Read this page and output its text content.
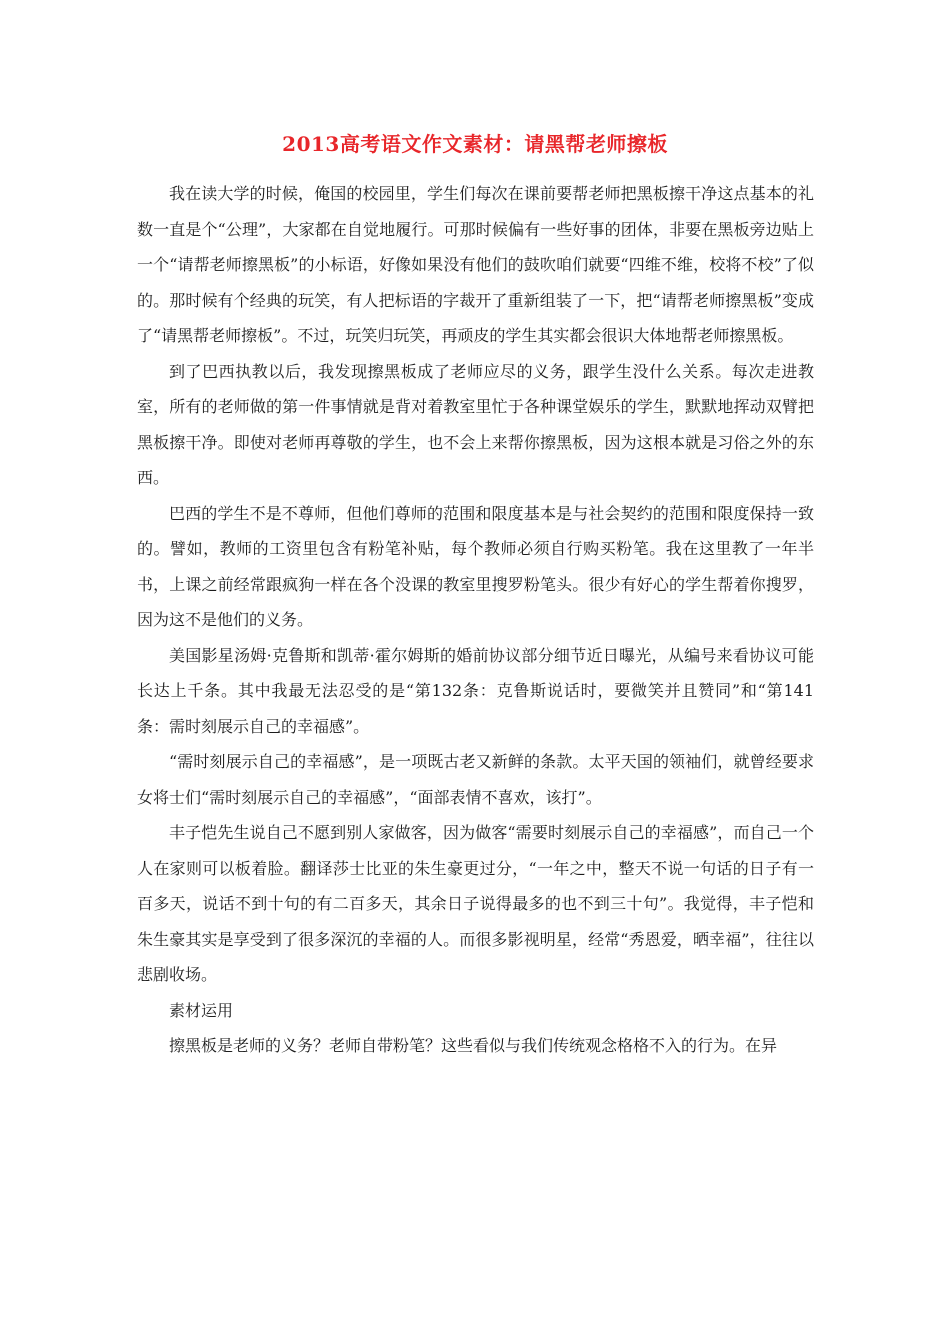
2013高考语文作文素材：请黑帮老师擦板

我在读大学的时候，俺国的校园里，学生们每次在课前要帮老师把黑板擦干净这点基本的礼数一直是个“公理”，大家都在自觉地履行。可那时候偏有一些好事的团体，非要在黑板旁边贴上一个“请帮老师擦黑板”的小标语，好像如果没有他们的鼓吹咱们就要“四维不维，校将不校”了似的。那时候有个经典的玩笑，有人把标语的字裁开了重新组装了一下，把“请帮老师擦黑板”变成了“请黑帮老师擦板”。不过，玩笑归玩笑，再顽皮的学生其实都会很识大体地帮老师擦黑板。

到了巴西执教以后，我发现擦黑板成了老师应尽的义务，跟学生没什么关系。每次走进教室，所有的老师做的第一件事情就是背对着教室里忙于各种课堂娱乐的学生，默默地挥动双臂把黑板擦干净。即使对老师再尊敬的学生，也不会上来帮你擦黑板，因为这根本就是习俗之外的东西。

巴西的学生不是不尊师，但他们尊师的范围和限度基本是与社会契约的范围和限度保持一致的。譬如，教师的工资里包含有粉笔补贴，每个教师必须自行购买粉笔。我在这里教了一年半书，上课之前经常跟疯狗一样在各个没课的教室里搜罗粉笔头。很少有好心的学生帮着你搜罗，因为这不是他们的义务。

美国影星汤姆·克鲁斯和凯蒂·霍尔姆斯的婚前协议部分细节近日曝光，从编号来看协议可能长达上千条。其中我最无法忍受的是“第132条：克鲁斯说话时，要微笑并且赞同”和“第141条：需时刻展示自己的幸福感”。

“需时刻展示自己的幸福感”，是一项既古老又新鲜的条款。太平天国的领袖们，就曾经要求女将士们“需时刻展示自己的幸福感”，“面部表情不喜欢，该打”。

丰子恺先生说自己不愿到别人家做客，因为做客“需要时刻展示自己的幸福感”，而自己一个人在家则可以板着脸。翻译莎士比亚的朱生豪更过分，“一年之中，整天不说一句话的日子有一百多天，说话不到十句的有二百多天，其余日子说得最多的也不到三十句”。我觉得，丰子恺和朱生豪其实是享受到了很多深沉的幸福的人。而很多影视明星，经常“秀恩爱，晒幸福”，往往以悲剧收场。

素材运用

擦黑板是老师的义务？老师自带粉笔？这些看似与我们传统观念格格不入的行为。在异
